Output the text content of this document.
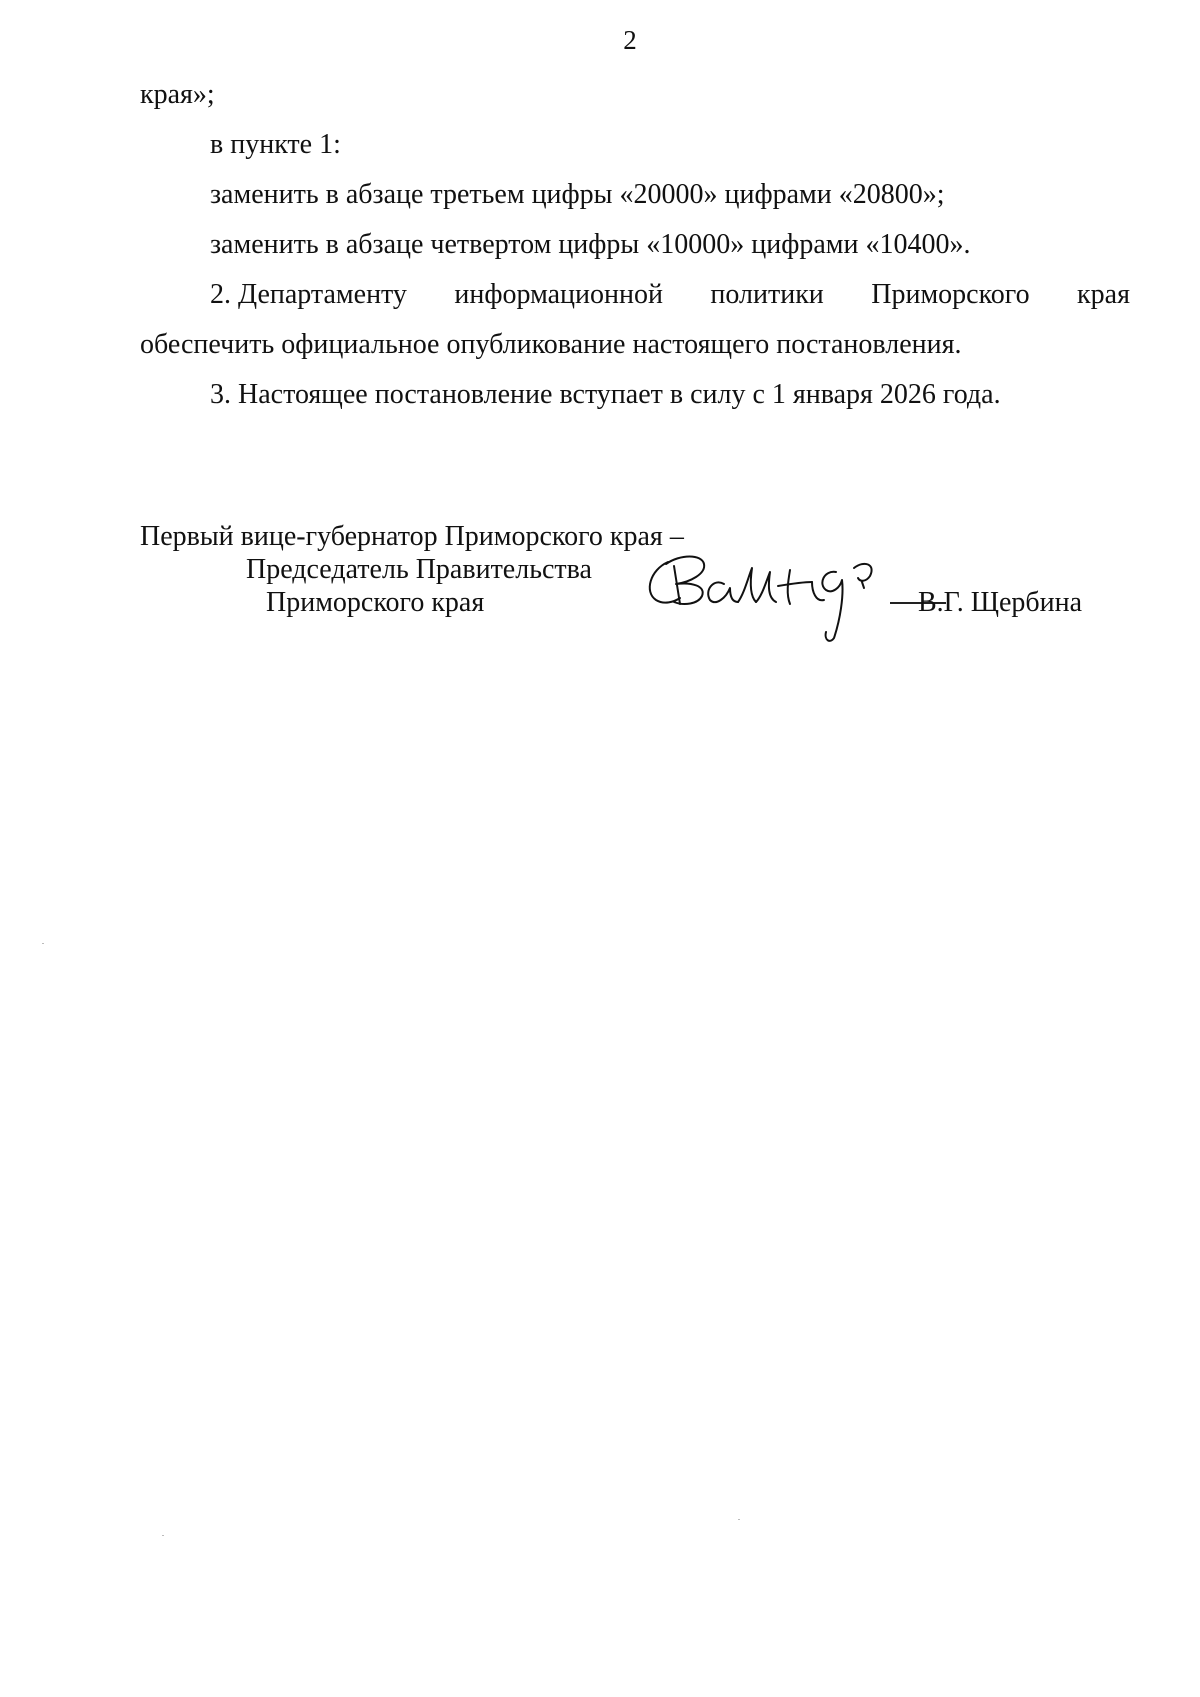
2
края»;
в пункте 1:
заменить в абзаце третьем цифры «20000» цифрами «20800»;
заменить в абзаце четвертом цифры «10000» цифрами «10400».
2. Департаменту информационной политики Приморского края
обеспечить официальное опубликование настоящего постановления.
3. Настоящее постановление вступает в силу с 1 января 2026 года.
Первый вице-губернатор Приморского края –
Председатель Правительства
Приморского края	В.Г. Щербина
